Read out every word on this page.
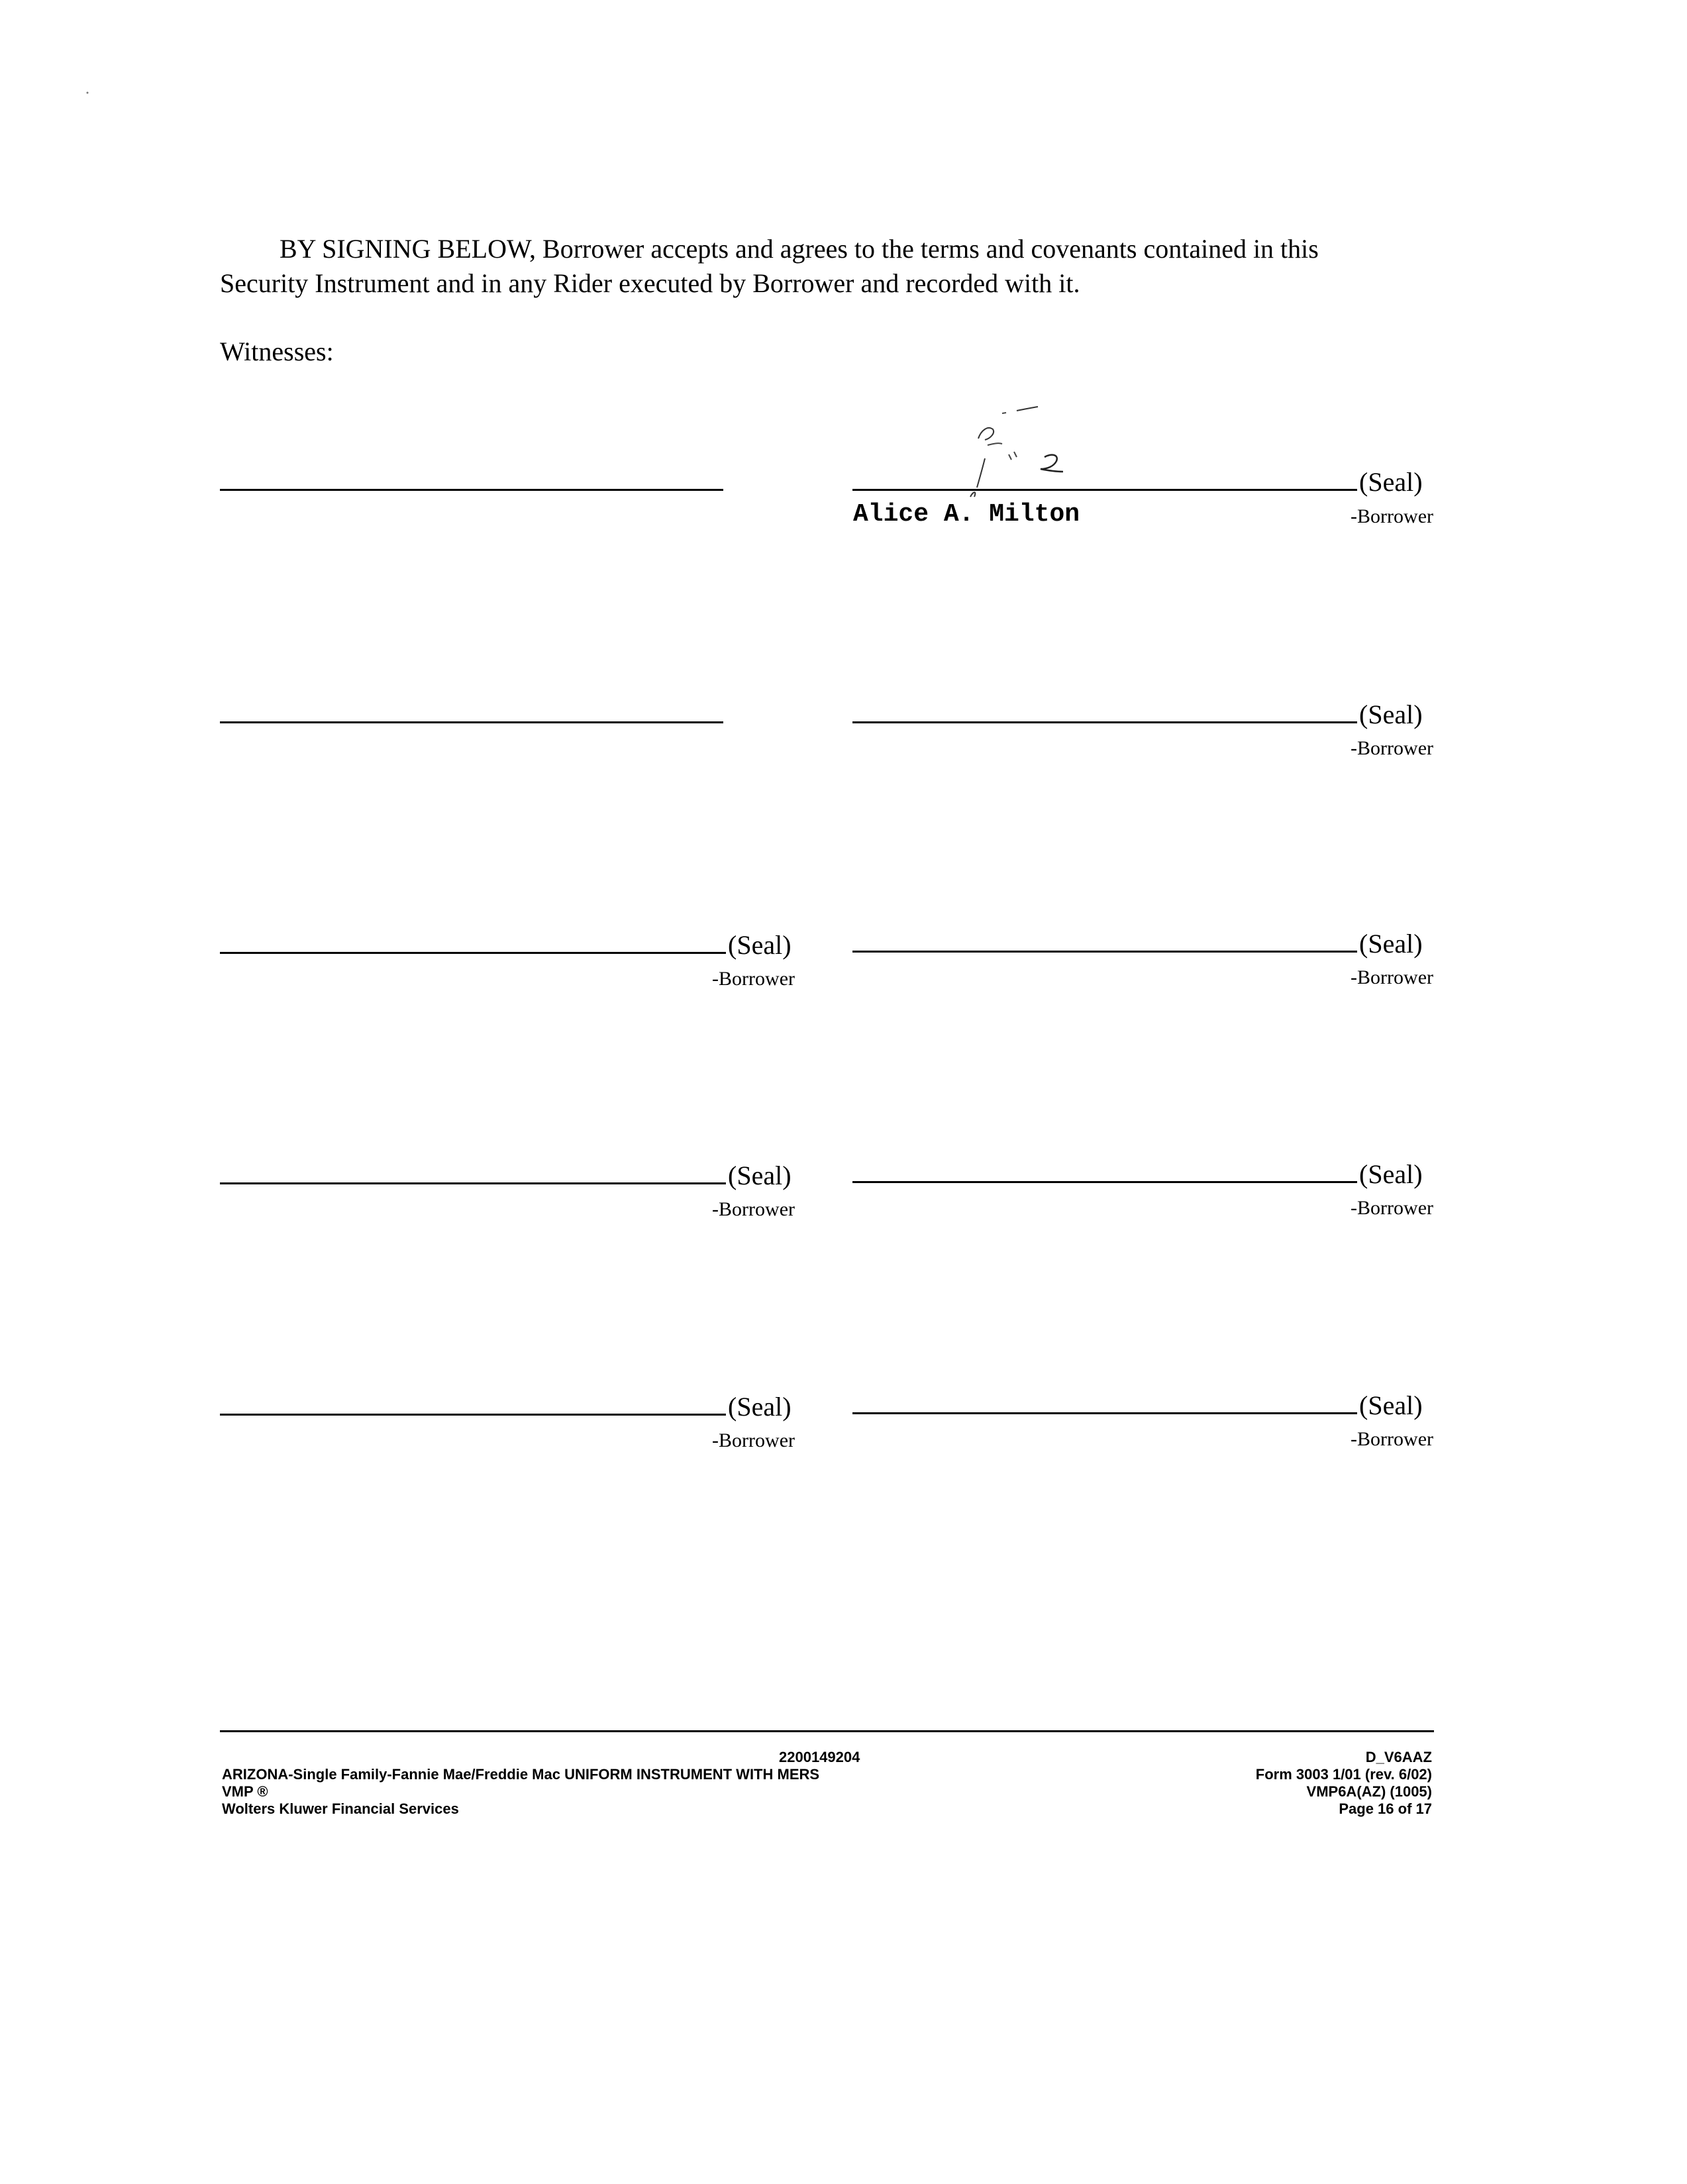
BY SIGNING BELOW, Borrower accepts and agrees to the terms and covenants contained in this
Security Instrument and in any Rider executed by Borrower and recorded with it.
Witnesses:
(Seal)
Alice A. Milton	-Borrower
(Seal)
-Borrower
(Seal)
-Borrower
(Seal)
-Borrower
(Seal)
-Borrower
(Seal)
-Borrower
(Seal)
-Borrower
(Seal)
-Borrower
2200149204
ARIZONA-Single Family-Fannie Mae/Freddie Mac UNIFORM INSTRUMENT WITH MERS
VMP ®
Wolters Kluwer Financial Services
D_V6AAZ
Form 3003 1/01 (rev. 6/02)
VMP6A(AZ) (1005)
Page 16 of 17
